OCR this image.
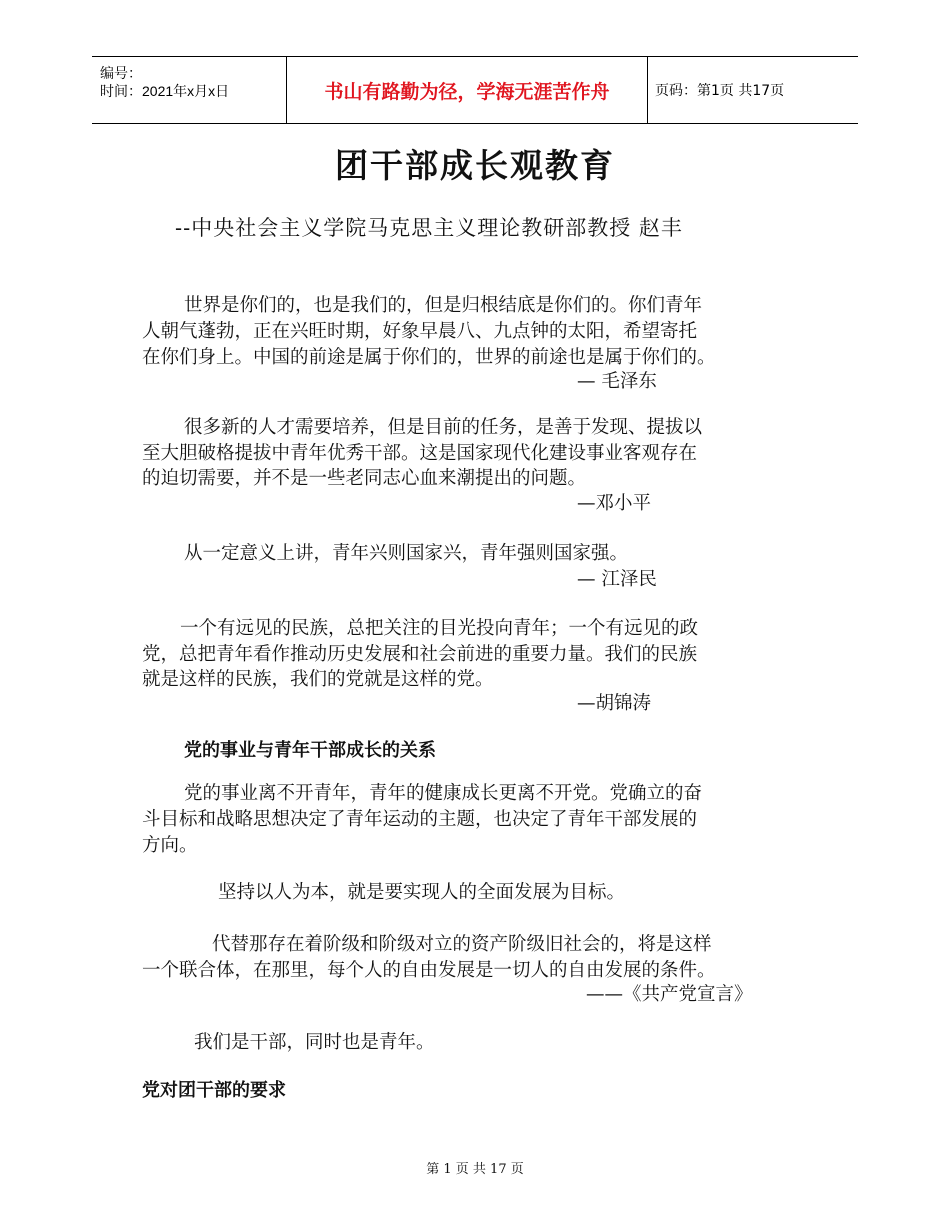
编号：
时间：2021年x月x日	书山有路勤为径，学海无涯苦作舟	页码：第1页 共17页
团干部成长观教育
--中央社会主义学院马克思主义理论教研部教授 赵丰
世界是你们的，也是我们的，但是归根结底是你们的。你们青年
人朝气蓬勃，正在兴旺时期，好象早晨八、九点钟的太阳，希望寄托
在你们身上。中国的前途是属于你们的，世界的前途也是属于你们的。
— 毛泽东
很多新的人才需要培养，但是目前的任务，是善于发现、提拔以
至大胆破格提拔中青年优秀干部。这是国家现代化建设事业客观存在
的迫切需要，并不是一些老同志心血来潮提出的问题。
—邓小平
从一定意义上讲，青年兴则国家兴，青年强则国家强。
— 江泽民
一个有远见的民族，总把关注的目光投向青年；一个有远见的政
党，总把青年看作推动历史发展和社会前进的重要力量。我们的民族
就是这样的民族，我们的党就是这样的党。
—胡锦涛
党的事业与青年干部成长的关系
党的事业离不开青年，青年的健康成长更离不开党。党确立的奋
斗目标和战略思想决定了青年运动的主题，也决定了青年干部发展的
方向。
坚持以人为本，就是要实现人的全面发展为目标。
代替那存在着阶级和阶级对立的资产阶级旧社会的，将是这样
一个联合体，在那里，每个人的自由发展是一切人的自由发展的条件。
——《共产党宣言》
我们是干部，同时也是青年。
党对团干部的要求
第 1 页 共 17 页
